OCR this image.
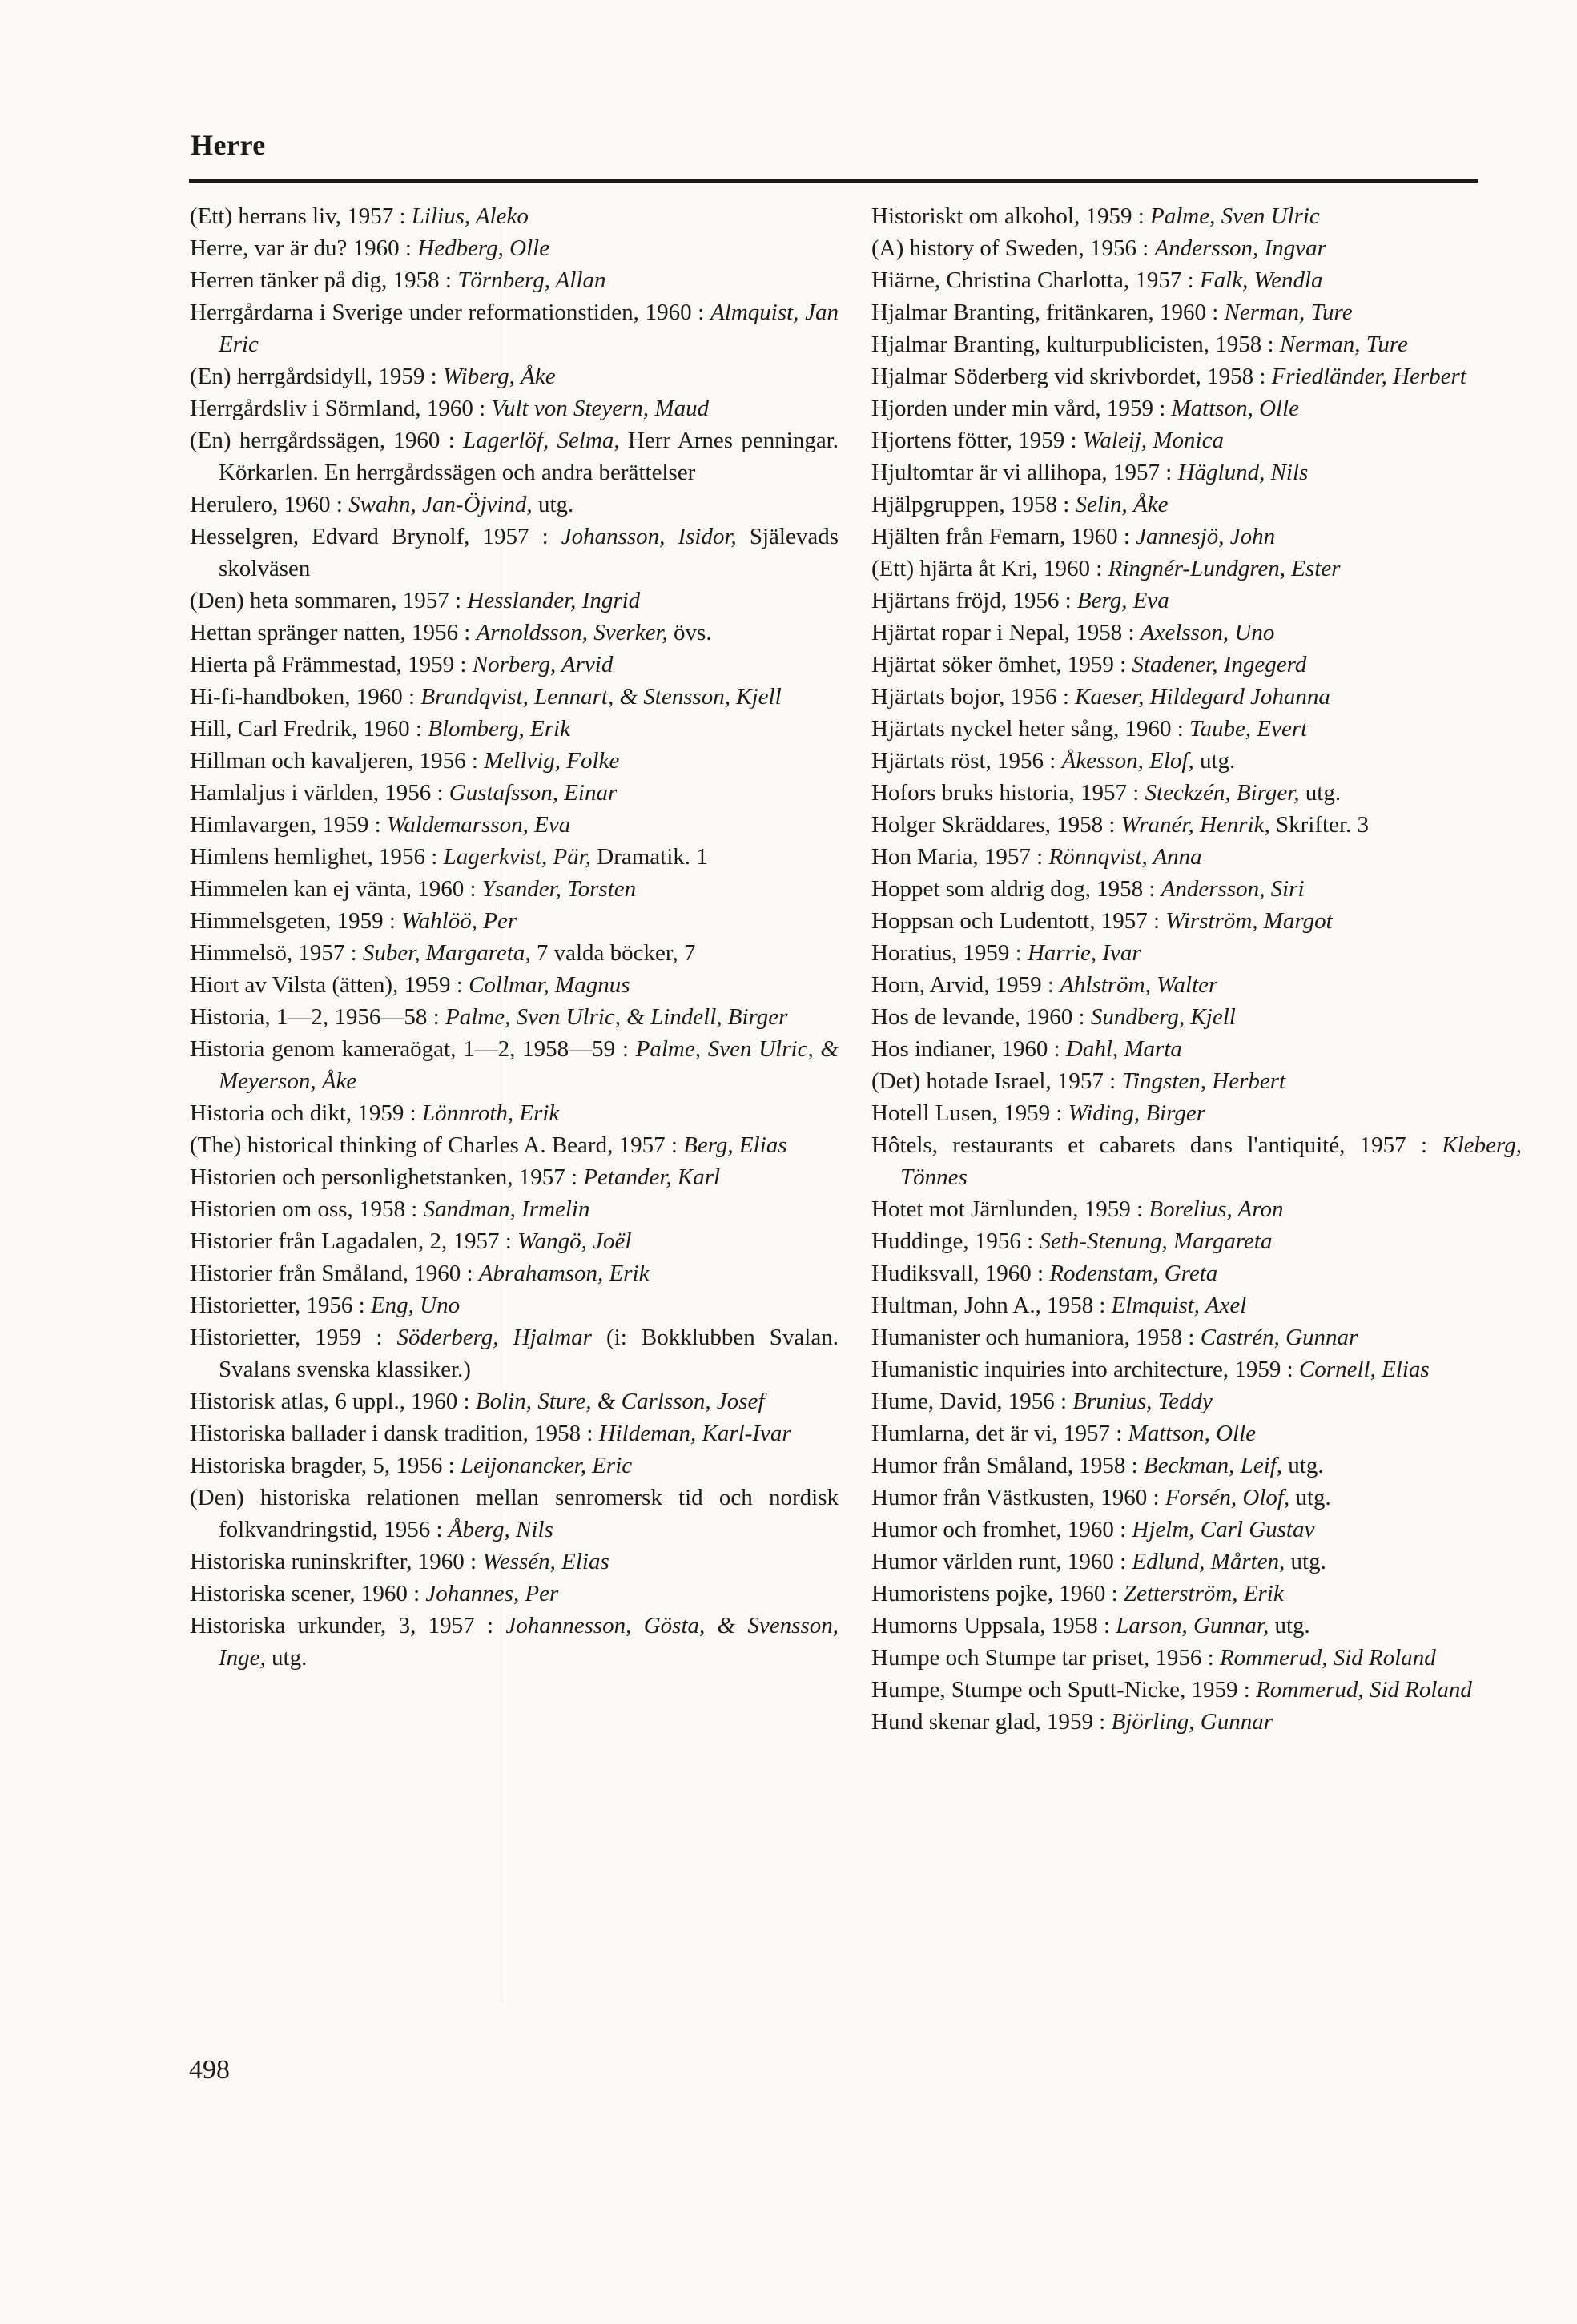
Herre
(Ett) herrans liv, 1957 : Lilius, Aleko
Herre, var är du? 1960 : Hedberg, Olle
Herren tänker på dig, 1958 : Törnberg, Allan
Herrgårdarna i Sverige under reformationstiden, 1960 : Almquist, Jan Eric
(En) herrgårdsidyll, 1959 : Wiberg, Åke
Herrgårdsliv i Sörmland, 1960 : Vult von Steyern, Maud
(En) herrgårdssägen, 1960 : Lagerlöf, Selma, Herr Arnes penningar. Körkarlen. En herrgårdssägen och andra berättelser
Herulero, 1960 : Swahn, Jan-Öjvind, utg.
Hesselgren, Edvard Brynolf, 1957 : Johansson, Isidor, Själevads skolväsen
(Den) heta sommaren, 1957 : Hesslander, Ingrid
Hettan spränger natten, 1956 : Arnoldsson, Sverker, övs.
Hierta på Främmestad, 1959 : Norberg, Arvid
Hi-fi-handboken, 1960 : Brandqvist, Lennart, & Stensson, Kjell
Hill, Carl Fredrik, 1960 : Blomberg, Erik
Hillman och kavaljeren, 1956 : Mellvig, Folke
Hamlaljus i världen, 1956 : Gustafsson, Einar
Himlavargen, 1959 : Waldemarsson, Eva
Himlens hemlighet, 1956 : Lagerkvist, Pär, Dramatik. 1
Himmelen kan ej vänta, 1960 : Ysander, Torsten
Himmelsgeten, 1959 : Wahlöö, Per
Himmelsö, 1957 : Suber, Margareta, 7 valda böcker, 7
Hiort av Vilsta (ätten), 1959 : Collmar, Magnus
Historia, 1—2, 1956—58 : Palme, Sven Ulric, & Lindell, Birger
Historia genom kameraögat, 1—2, 1958—59 : Palme, Sven Ulric, & Meyerson, Åke
Historia och dikt, 1959 : Lönnroth, Erik
(The) historical thinking of Charles A. Beard, 1957 : Berg, Elias
Historien och personlighetstanken, 1957 : Petander, Karl
Historien om oss, 1958 : Sandman, Irmelin
Historier från Lagadalen, 2, 1957 : Wangö, Joël
Historier från Småland, 1960 : Abrahamson, Erik
Historietter, 1956 : Eng, Uno
Historietter, 1959 : Söderberg, Hjalmar (i: Bokklubben Svalan. Svalans svenska klassiker.)
Historisk atlas, 6 uppl., 1960 : Bolin, Sture, & Carlsson, Josef
Historiska ballader i dansk tradition, 1958 : Hildeman, Karl-Ivar
Historiska bragder, 5, 1956 : Leijonancker, Eric
(Den) historiska relationen mellan senromersk tid och nordisk folkvandringstid, 1956 : Åberg, Nils
Historiska runinskrifter, 1960 : Wessén, Elias
Historiska scener, 1960 : Johannes, Per
Historiska urkunder, 3, 1957 : Johannesson, Gösta, & Svensson, Inge, utg.
Historiskt om alkohol, 1959 : Palme, Sven Ulric
(A) history of Sweden, 1956 : Andersson, Ingvar
Hiärne, Christina Charlotta, 1957 : Falk, Wendla
Hjalmar Branting, fritänkaren, 1960 : Nerman, Ture
Hjalmar Branting, kulturpublicisten, 1958 : Nerman, Ture
Hjalmar Söderberg vid skrivbordet, 1958 : Friedländer, Herbert
Hjorden under min vård, 1959 : Mattson, Olle
Hjortens fötter, 1959 : Waleij, Monica
Hjultomtar är vi allihopa, 1957 : Häglund, Nils
Hjälpgruppen, 1958 : Selin, Åke
Hjälten från Femarn, 1960 : Jannesjö, John
(Ett) hjärta åt Kri, 1960 : Ringnér-Lundgren, Ester
Hjärtans fröjd, 1956 : Berg, Eva
Hjärtat ropar i Nepal, 1958 : Axelsson, Uno
Hjärtat söker ömhet, 1959 : Stadener, Ingegerd
Hjärtats bojor, 1956 : Kaeser, Hildegard Johanna
Hjärtats nyckel heter sång, 1960 : Taube, Evert
Hjärtats röst, 1956 : Åkesson, Elof, utg.
Hofors bruks historia, 1957 : Steckzén, Birger, utg.
Holger Skräddares, 1958 : Wranér, Henrik, Skrifter. 3
Hon Maria, 1957 : Rönnqvist, Anna
Hoppet som aldrig dog, 1958 : Andersson, Siri
Hoppsan och Ludentott, 1957 : Wirström, Margot
Horatius, 1959 : Harrie, Ivar
Horn, Arvid, 1959 : Ahlström, Walter
Hos de levande, 1960 : Sundberg, Kjell
Hos indianer, 1960 : Dahl, Marta
(Det) hotade Israel, 1957 : Tingsten, Herbert
Hotell Lusen, 1959 : Widing, Birger
Hôtels, restaurants et cabarets dans l'antiquité, 1957 : Kleberg, Tönnes
Hotet mot Järnlunden, 1959 : Borelius, Aron
Huddinge, 1956 : Seth-Stenung, Margareta
Hudiksvall, 1960 : Rodenstam, Greta
Hultman, John A., 1958 : Elmquist, Axel
Humanister och humaniora, 1958 : Castrén, Gunnar
Humanistic inquiries into architecture, 1959 : Cornell, Elias
Hume, David, 1956 : Brunius, Teddy
Humlarna, det är vi, 1957 : Mattson, Olle
Humor från Småland, 1958 : Beckman, Leif, utg.
Humor från Västkusten, 1960 : Forsén, Olof, utg.
Humor och fromhet, 1960 : Hjelm, Carl Gustav
Humor världen runt, 1960 : Edlund, Mårten, utg.
Humoristens pojke, 1960 : Zetterström, Erik
Humorns Uppsala, 1958 : Larson, Gunnar, utg.
Humpe och Stumpe tar priset, 1956 : Rommerud, Sid Roland
Humpe, Stumpe och Sputt-Nicke, 1959 : Rommerud, Sid Roland
Hund skenar glad, 1959 : Björling, Gunnar
498
